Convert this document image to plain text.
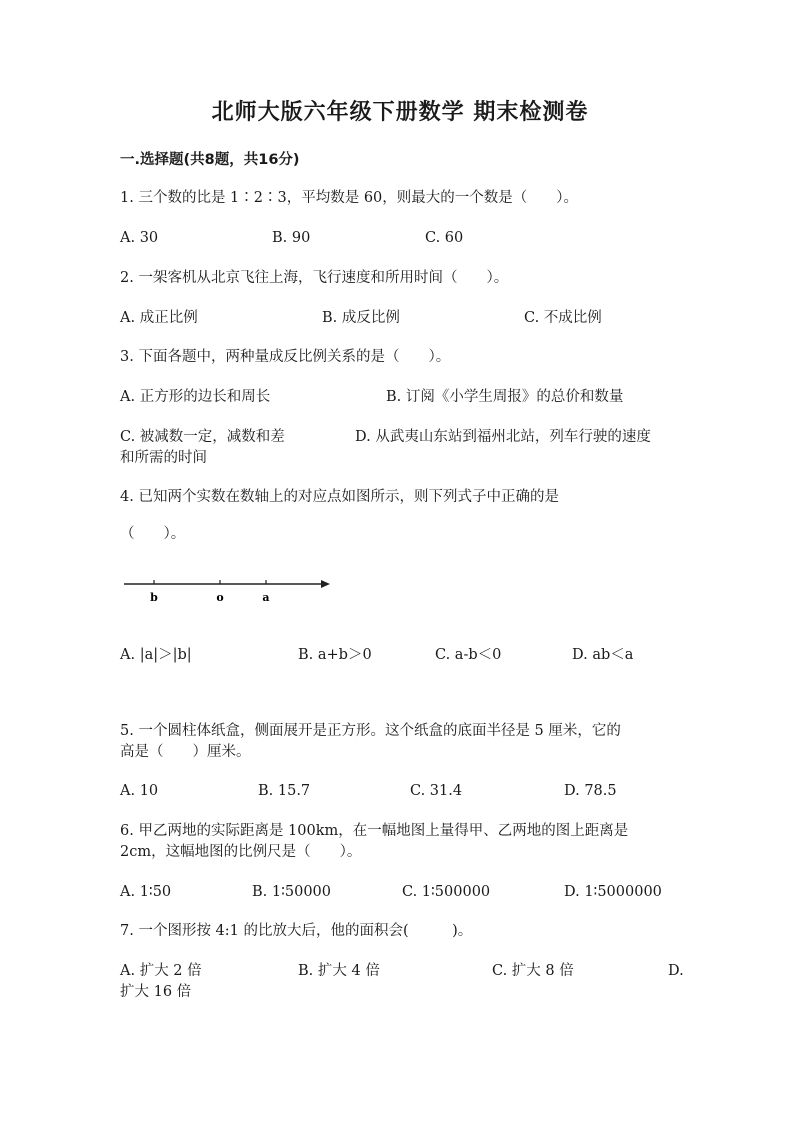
北师大版六年级下册数学 期末检测卷
一.选择题(共8题，共16分)
1. 三个数的比是 1∶2∶3，平均数是 60，则最大的一个数是（　　）。
A. 30	B. 90	C. 60
2. 一架客机从北京飞往上海，飞行速度和所用时间（　　）。
A. 成正比例	B. 成反比例	C. 不成比例
3. 下面各题中，两种量成反比例关系的是（　　）。
A. 正方形的边长和周长	B. 订阅《小学生周报》的总价和数量
C. 被减数一定，减数和差	D. 从武夷山东站到福州北站，列车行驶的速度
和所需的时间
4. 已知两个实数在数轴上的对应点如图所示，则下列式子中正确的是
（　　）。
b	o	a
A. |a|＞|b|	B. a+b＞0	C. a-b＜0	D. ab＜a
5. 一个圆柱体纸盒，侧面展开是正方形。这个纸盒的底面半径是 5 厘米，它的
高是（　　）厘米。
A. 10	B. 15.7	C. 31.4	D. 78.5
6. 甲乙两地的实际距离是 100km，在一幅地图上量得甲、乙两地的图上距离是
2cm，这幅地图的比例尺是（　　）。
A. 1∶50	B. 1∶50000	C. 1∶500000	D. 1∶5000000
7. 一个图形按 4:1 的比放大后，他的面积会(　　　)。
A. 扩大 2 倍	B. 扩大 4 倍	C. 扩大 8 倍	D.
扩大 16 倍
